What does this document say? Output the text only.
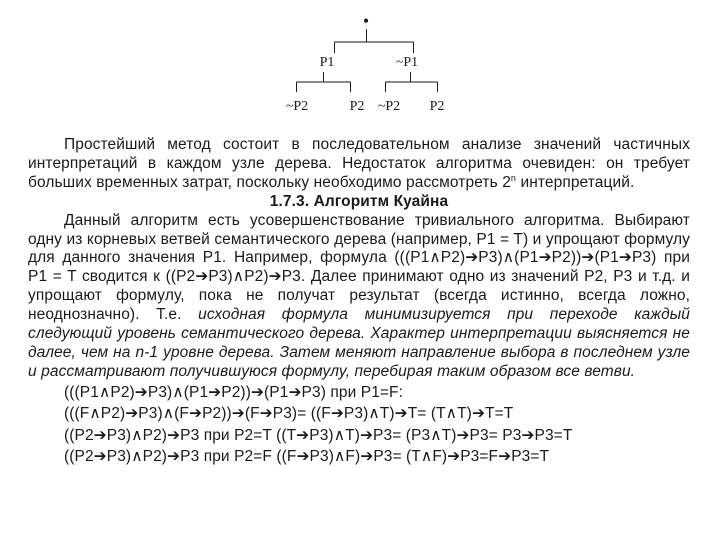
•
P1	~P1
~P2	P2 ~P2 P2

Простейший метод состоит в последовательном анализе значений частичных интерпретаций в каждом узле дерева. Недостаток алгоритма очевиден: он требует больших временных затрат, поскольку необходимо рассмотреть 2$^n$ интерпретаций.

1.7.3. Алгоритм Куайна

Данный алгоритм есть усовершенствование тривиального алгоритма. Выбирают одну из корневых ветвей семантического дерева (например, P1 = T) и упрощают формулу для данного значения P1. Например, формула (((P1∧P2)➔P3)∧(P1➔P2))➔(P1➔P3) при P1 = T сводится к ((P2➔P3)∧P2)➔P3. Далее принимают одно из значений P2, P3 и т.д. и упрощают формулу, пока не получат результат (всегда истинно, всегда ложно, неоднозначно). Т.е. исходная формула минимизируется при переходе каждый следующий уровень семантического дерева. Характер интерпретации выясняется не далее, чем на n-1 уровне дерева. Затем меняют направление выбора в последнем узле и рассматривают получившуюся формулу, перебирая таким образом все ветви.

(((P1∧P2)➔P3)∧(P1➔P2))➔(P1➔P3) при P1=F:

(((F∧P2)➔P3)∧(F➔P2))➔(F➔P3)= ((F➔P3)∧T)➔T= (T∧T)➔T=T

((P2➔P3)∧P2)➔P3 при P2=T ((T➔P3)∧T)➔P3= (P3∧T)➔P3= P3➔P3=T

((P2➔P3)∧P2)➔P3 при P2=F ((F➔P3)∧F)➔P3= (T∧F)➔P3=F➔P3=T
